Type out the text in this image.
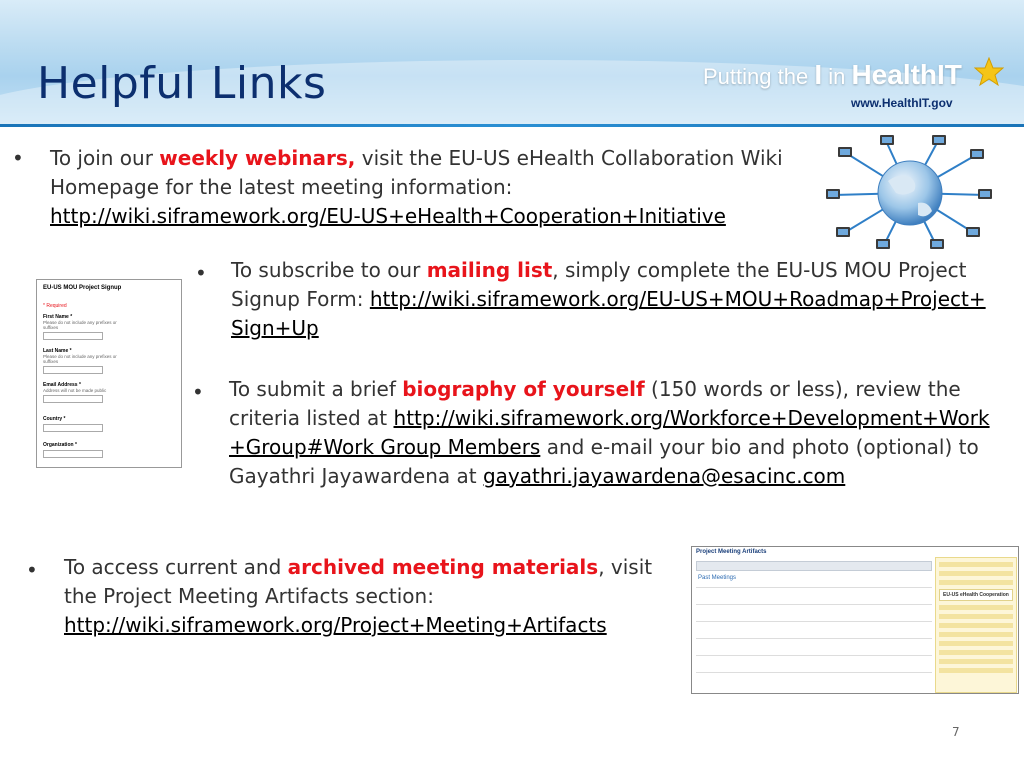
Helpful Links	Putting the I in HealthIT
www.HealthIT.gov
• To join our weekly webinars, visit the EU-US eHealth Collaboration Wiki Homepage for the latest meeting information: http://wiki.siframework.org/EU-US+eHealth+Cooperation+Initiative
EU-US MOU Project Signup
* Required
First Name *
Please do not include any prefixes or suffixes
Last Name *
Please do not include any prefixes or suffixes
Email Address *
Address will not be made public
Country *
Organization *
• To subscribe to our mailing list, simply complete the EU-US MOU Project Signup Form: http://wiki.siframework.org/EU-US+MOU+Roadmap+Project+Sign+Up
• To submit a brief biography of yourself (150 words or less), review the criteria listed at http://wiki.siframework.org/Workforce+Development+Work+Group#Work Group Members and e-mail your bio and photo (optional) to Gayathri Jayawardena at gayathri.jayawardena@esacinc.com
• To access current and archived meeting materials, visit the Project Meeting Artifacts section: http://wiki.siframework.org/Project+Meeting+Artifacts
Project Meeting Artifacts
Past Meetings
EU-US eHealth Cooperation
7
